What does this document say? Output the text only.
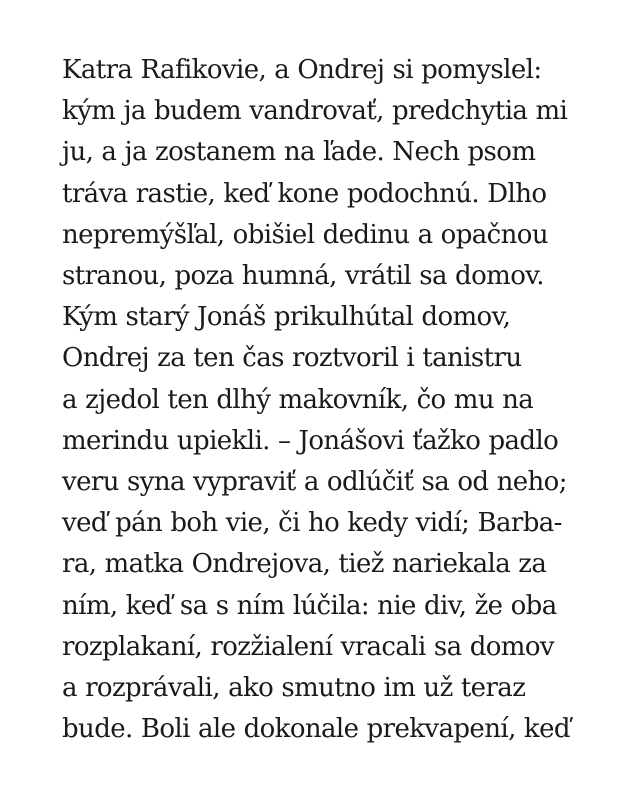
Katra Rafikovie, a Ondrej si pomyslel:
kým ja budem vandrovať, predchytia mi
ju, a ja zostanem na ľade. Nech psom
tráva rastie, keď kone podochnú. Dlho
nepremýšľal, obišiel dedinu a opačnou
stranou, poza humná, vrátil sa domov.
Kým starý Jonáš prikulhútal domov,
Ondrej za ten čas roztvoril i tanistru
a zjedol ten dlhý makovník, čo mu na
merindu upiekli. – Jonášovi ťažko padlo
veru syna vypraviť a odlúčiť sa od neho;
veď pán boh vie, či ho kedy vidí; Barba-
ra, matka Ondrejova, tiež nariekala za
ním, keď sa s ním lúčila: nie div, že oba
rozplakaní, rozžialení vracali sa domov
a rozprávali, ako smutno im už teraz
bude. Boli ale dokonale prekvapení, keď
